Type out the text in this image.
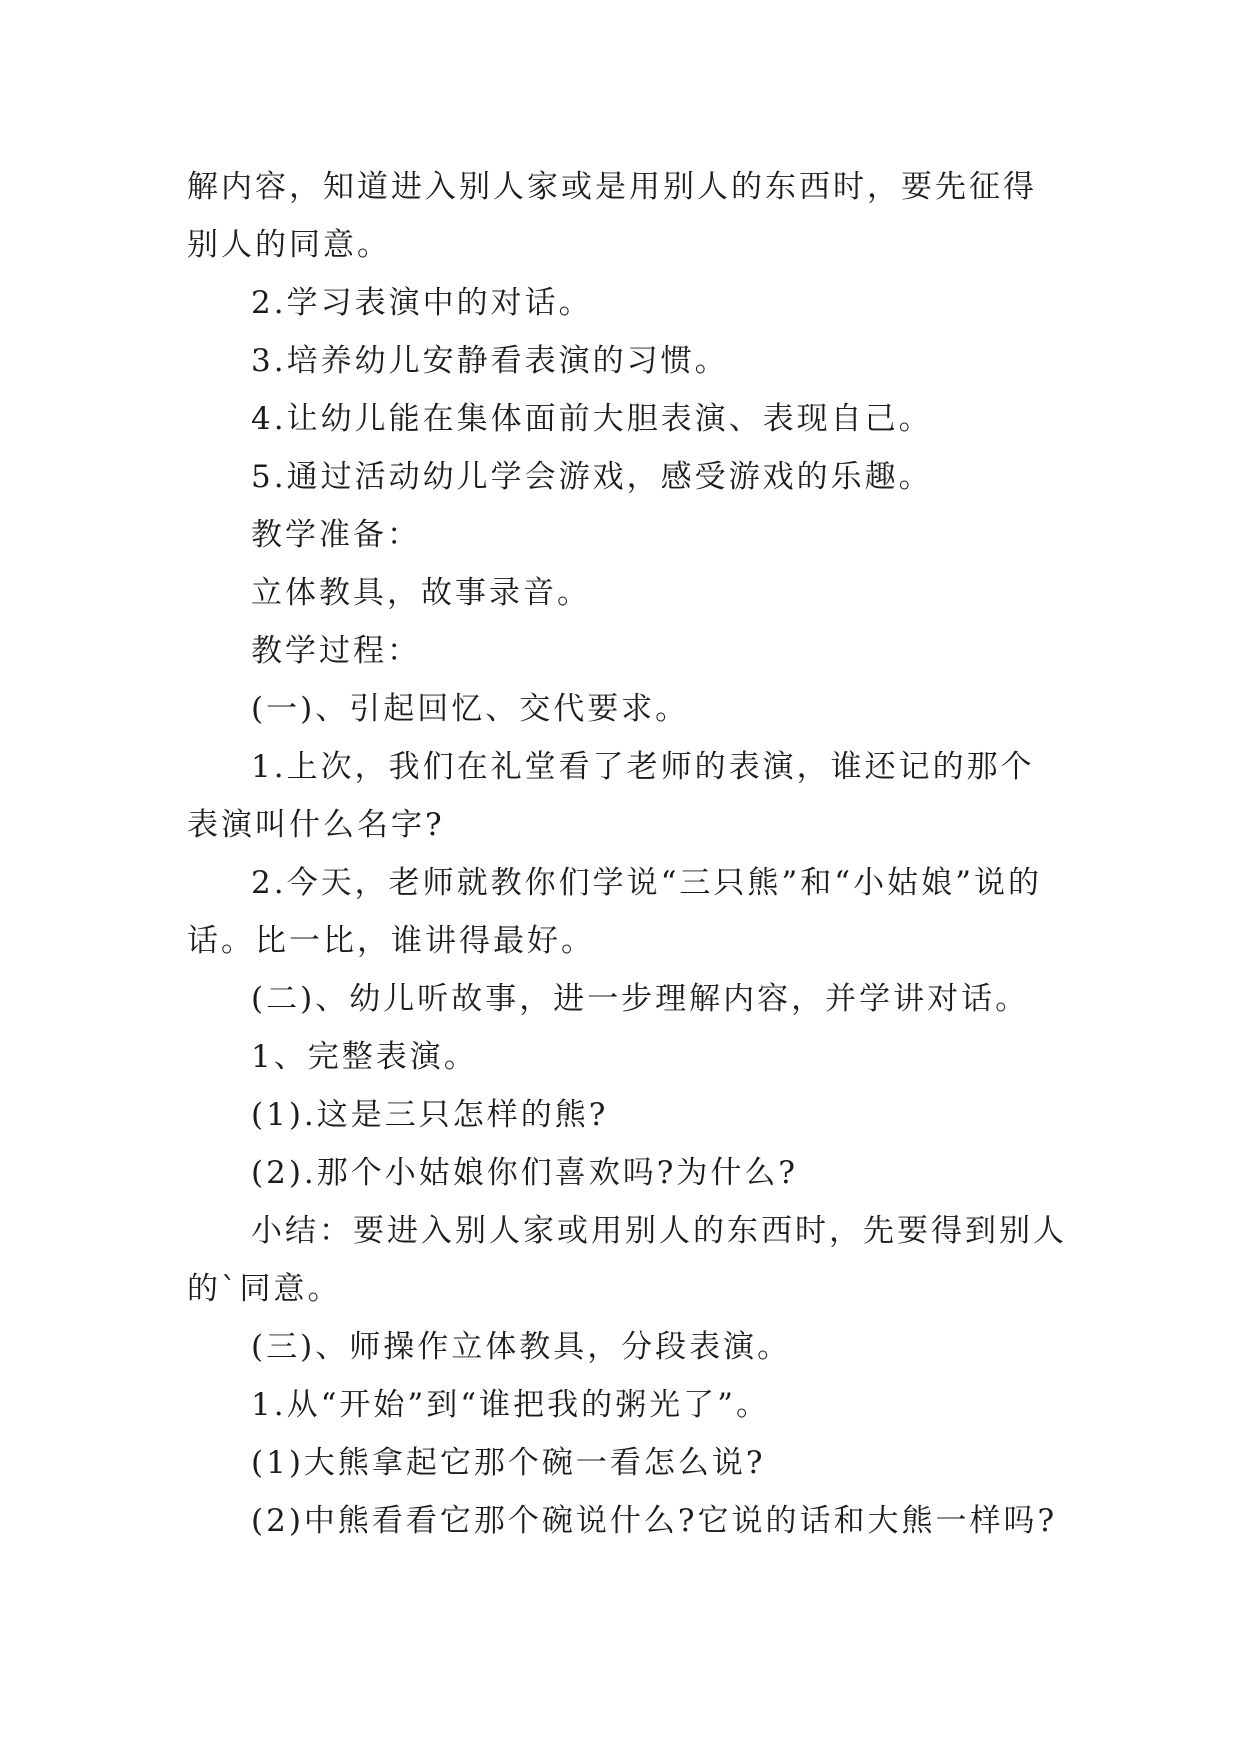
解内容，知道进入别人家或是用别人的东西时，要先征得别人的同意。

2.学习表演中的对话。

3.培养幼儿安静看表演的习惯。

4.让幼儿能在集体面前大胆表演、表现自己。

5.通过活动幼儿学会游戏，感受游戏的乐趣。

教学准备：

立体教具，故事录音。

教学过程：

(一)、引起回忆、交代要求。

1.上次，我们在礼堂看了老师的表演，谁还记的那个表演叫什么名字?

2.今天，老师就教你们学说“三只熊”和“小姑娘”说的话。比一比，谁讲得最好。

(二)、幼儿听故事，进一步理解内容，并学讲对话。

1、完整表演。

(1).这是三只怎样的熊?

(2).那个小姑娘你们喜欢吗?为什么?

小结：要进入别人家或用别人的东西时，先要得到别人的`同意。

(三)、师操作立体教具，分段表演。

1.从“开始”到“谁把我的粥光了”。

(1)大熊拿起它那个碗一看怎么说?

(2)中熊看看它那个碗说什么?它说的话和大熊一样吗?
